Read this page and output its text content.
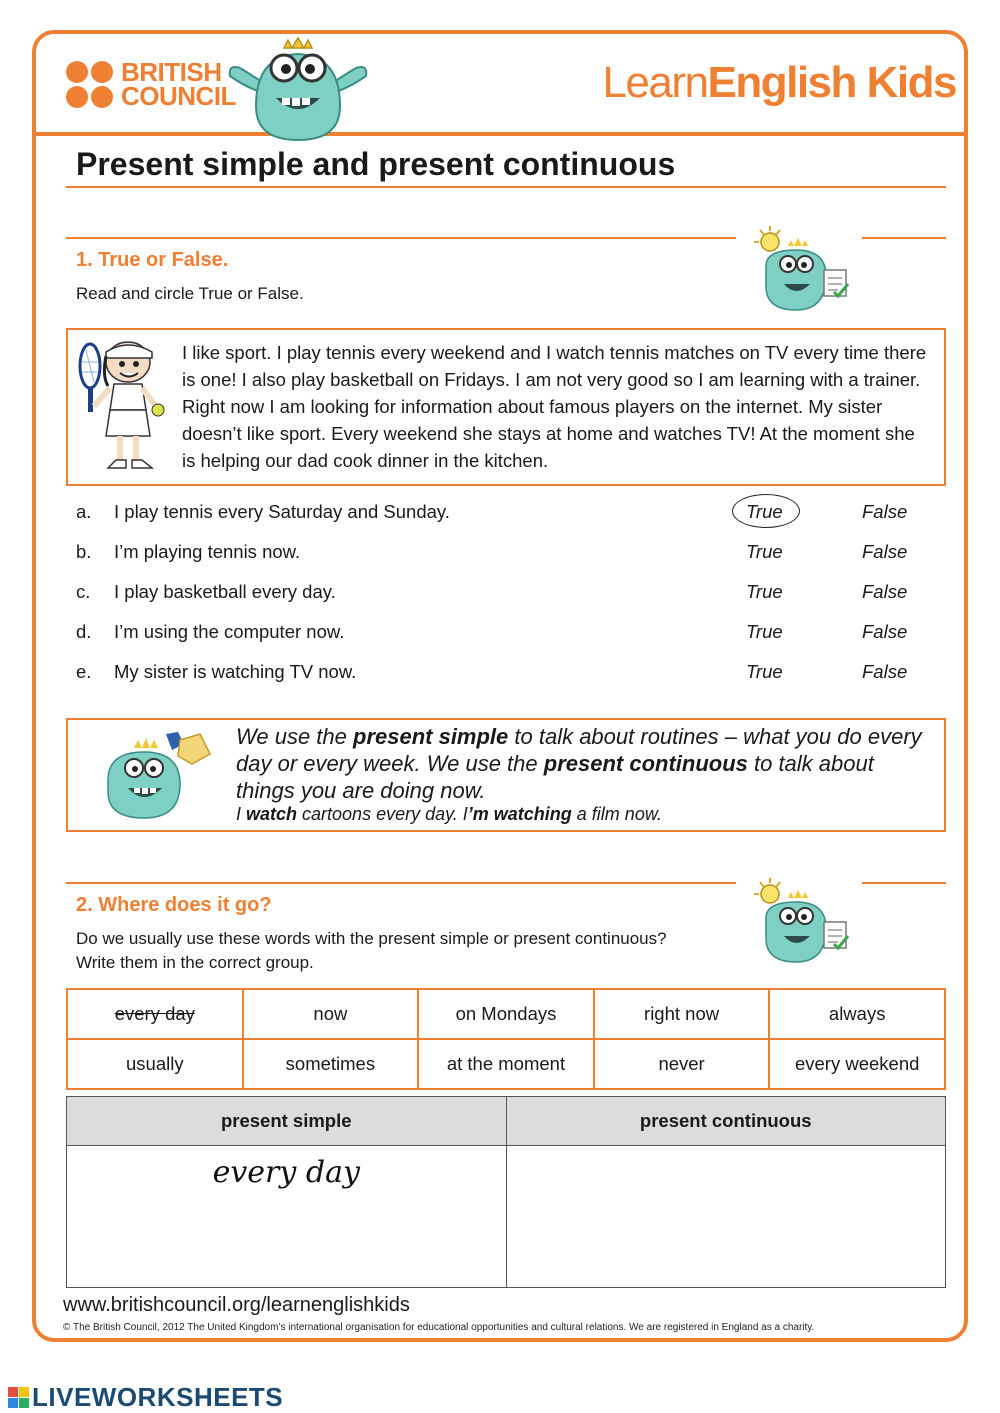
BRITISH
COUNCIL	LearnEnglish Kids
Present simple and present continuous
1. True or False.
Read and circle True or False.

I like sport. I play tennis every weekend and I watch tennis matches on TV every time there is one! I also play basketball on Fridays. I am not very good so I am learning with a trainer. Right now I am looking for information about famous players on the internet. My sister doesn’t like sport. Every weekend she stays at home and watches TV! At the moment she is helping our dad cook dinner in the kitchen.

a. I play tennis every Saturday and Sunday.	True	False
b. I’m playing tennis now.	True	False
c. I play basketball every day.	True	False
d. I’m using the computer now.	True	False
e. My sister is watching TV now.	True	False

We use the present simple to talk about routines – what you do every day or every week. We use the present continuous to talk about things you are doing now.

I watch cartoons every day. I’m watching a film now.
2. Where does it go?
Do we usually use these words with the present simple or present continuous?
Write them in the correct group.
every day	now	on Mondays	right now	always
usually	sometimes	at the moment	never	every weekend
present simple	present continuous

every day	

www.britishcouncil.org/learnenglishkids
© The British Council, 2012 The United Kingdom’s international organisation for educational opportunities and cultural relations. We are registered in England as a charity.
LIVEWORKSHEETS
